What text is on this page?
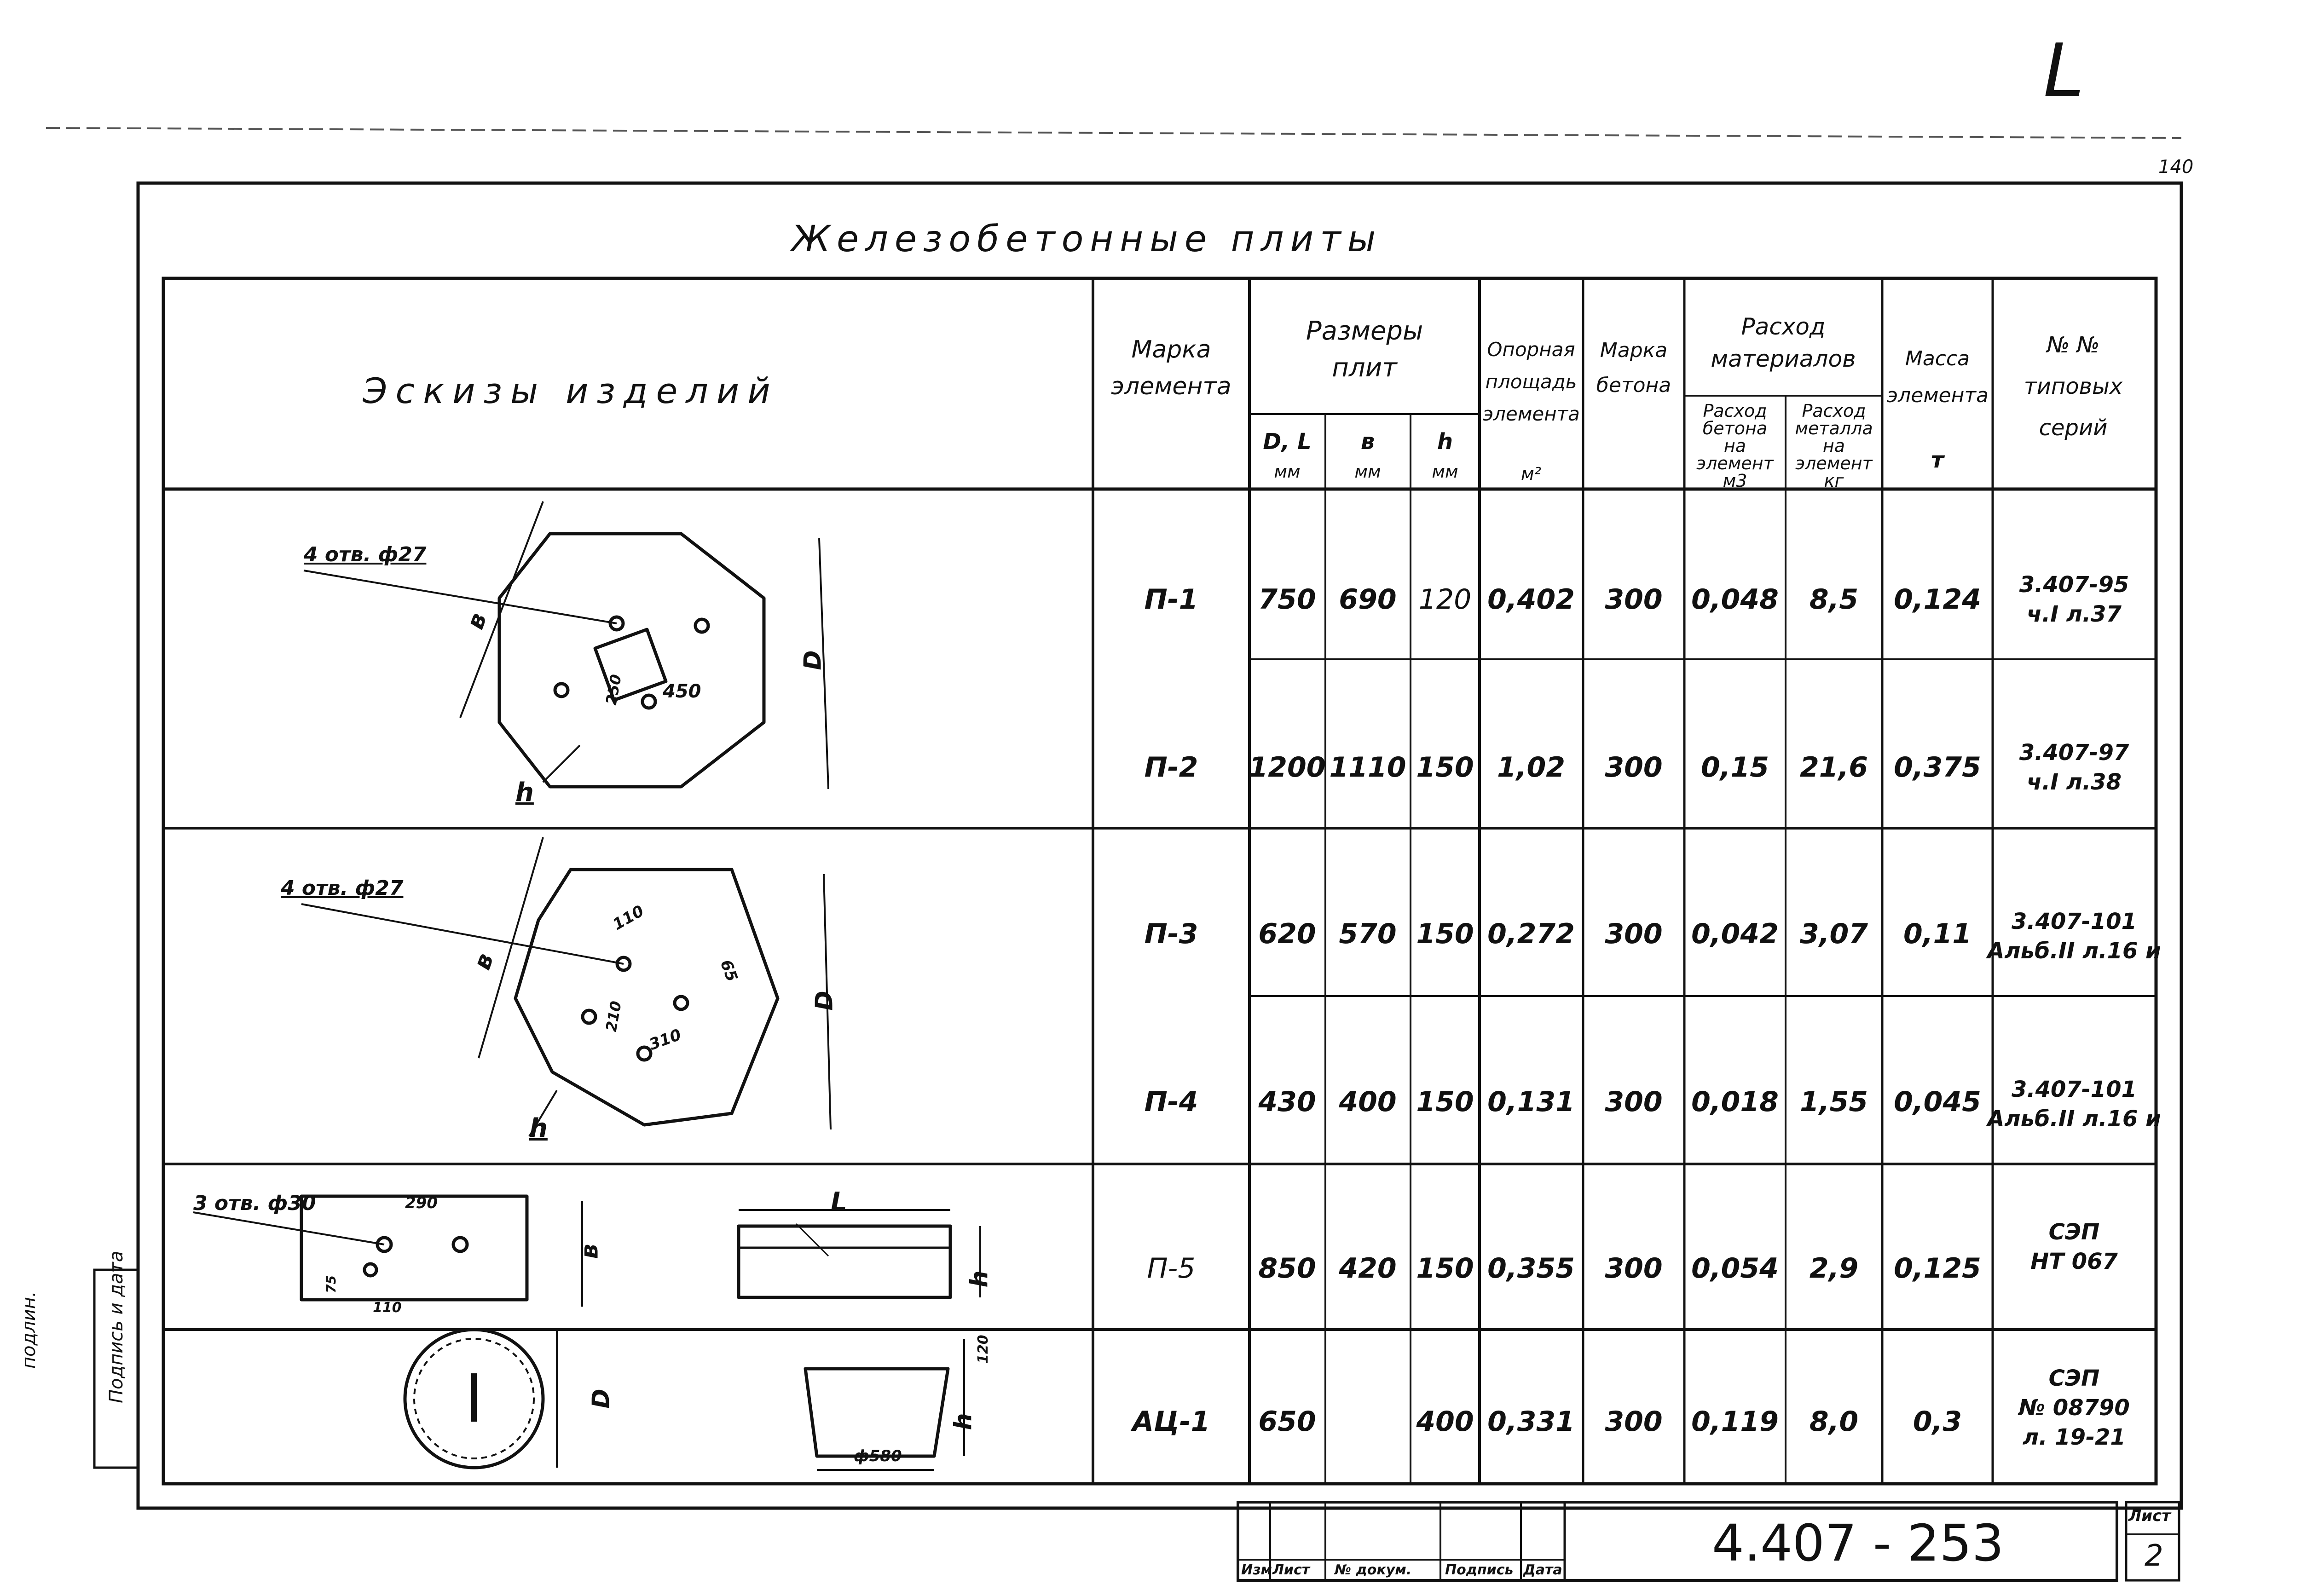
L
140
Железобетонные плиты
Эскизы изделий
Марка элемента
Размеры плит
D, L
мм
в
мм
h
мм
Опорная площадь элемента
м²
Марка бетона
Расход материалов
Расход бетона на элемент
м3
Расход металла на элемент
кг
Масса элемента
т
№ № типовых серий
П-1 750 690 120 0,402 300 0,048 8,5 0,124 3.407-95
ч.I л.37
П-2 1200 1110 150 1,02 300 0,15 21,6 0,375 3.407-97
ч.I л.38
П-3 620 570 150 0,272 300 0,042 3,07 0,11	3.407-101
Альб.II л.16 и
П-4 430 400 150 0,131 300 0,018 1,55 0,045	3.407-101
Альб.II л.16 и
П-5 850 420 150 0,355 300 0,054 2,9 0,125
СЭП
НТ 067
АЦ-1 650	400 0,331 300 0,119 8,0 0,3
СЭП
№ 08790
л. 19-21
4 отв. ф27
4 отв. ф27
3 отв. ф30
450
250
110
65
210
310
290
75
110
120
ф580
L
D
D
D
в
в
в
h
h
h
h
подлин.	Подпись и дата
Изм Лист № докум. Подпись Дата	4.407 - 253	Лист
2
